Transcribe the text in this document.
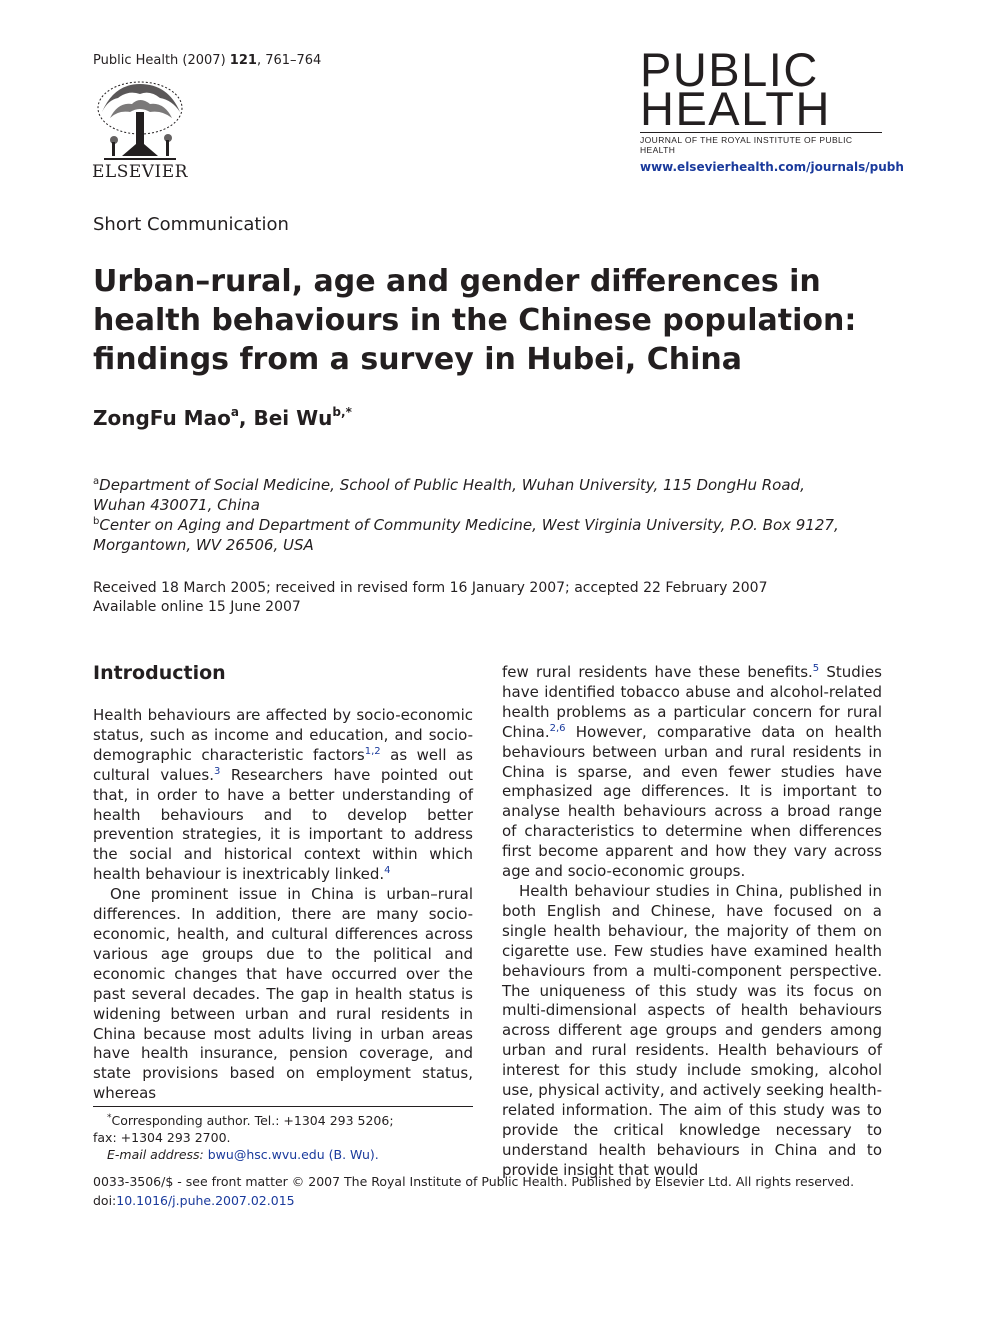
Public Health (2007) 121, 761–764
ELSEVIER
PUBLIC
HEALTH
JOURNAL OF THE ROYAL INSTITUTE OF PUBLIC HEALTH
www.elsevierhealth.com/journals/pubh
Short Communication
Urban–rural, age and gender differences in health behaviours in the Chinese population: findings from a survey in Hubei, China
ZongFu Mao$^a$, Bei $Wu^{b,*}$
$^a$Department of Social Medicine, School of Public Health, Wuhan University, 115 DongHu Road, Wuhan 430071, China
$^b$Center on Aging and Department of Community Medicine, West Virginia University, P.O. Box 9127, Morgantown, WV 26506, USA
Received 18 March 2005; received in revised form 16 January 2007; accepted 22 February 2007
Available online 15 June 2007
Introduction

Health behaviours are affected by socio-economic status, such as income and education, and socio-demographic characteristic factors$^{1,2}$ as well as cultural values.$^3$ Researchers have pointed out that, in order to have a better understanding of health behaviours and to develop better prevention strategies, it is important to address the social and historical context within which health behaviour is inextricably linked.$^4$

One prominent issue in China is urban–rural differences. In addition, there are many socio-economic, health, and cultural differences across various age groups due to the political and economic changes that have occurred over the past several decades. The gap in health status is widening between urban and rural residents in China because most adults living in urban areas have health insurance, pension coverage, and state provisions based on employment status, whereas

few rural residents have these benefits.$^5$ Studies have identified tobacco abuse and alcohol-related health problems as a particular concern for rural China.$^{2,6}$ However, comparative data on health behaviours between urban and rural residents in China is sparse, and even fewer studies have emphasized age differences. It is important to analyse health behaviours across a broad range of characteristics to determine when differences first become apparent and how they vary across age and socio-economic groups.

Health behaviour studies in China, published in both English and Chinese, have focused on a single health behaviour, the majority of them on cigarette use. Few studies have examined health behaviours from a multi-component perspective. The uniqueness of this study was its focus on multi-dimensional aspects of health behaviours across different age groups and genders among urban and rural residents. Health behaviours of interest for this study include smoking, alcohol use, physical activity, and actively seeking health-related information. The aim of this study was to provide the critical knowledge necessary to understand health behaviours in China and to provide insight that would

*Corresponding author. Tel.: +1304 293 5206;
fax: +1304 293 2700.
E-mail address: bwu@hsc.wvu.edu (B. Wu).
0033-3506/$ - see front matter © 2007 The Royal Institute of Public Health. Published by Elsevier Ltd. All rights reserved.
doi:10.1016/j.puhe.2007.02.015
